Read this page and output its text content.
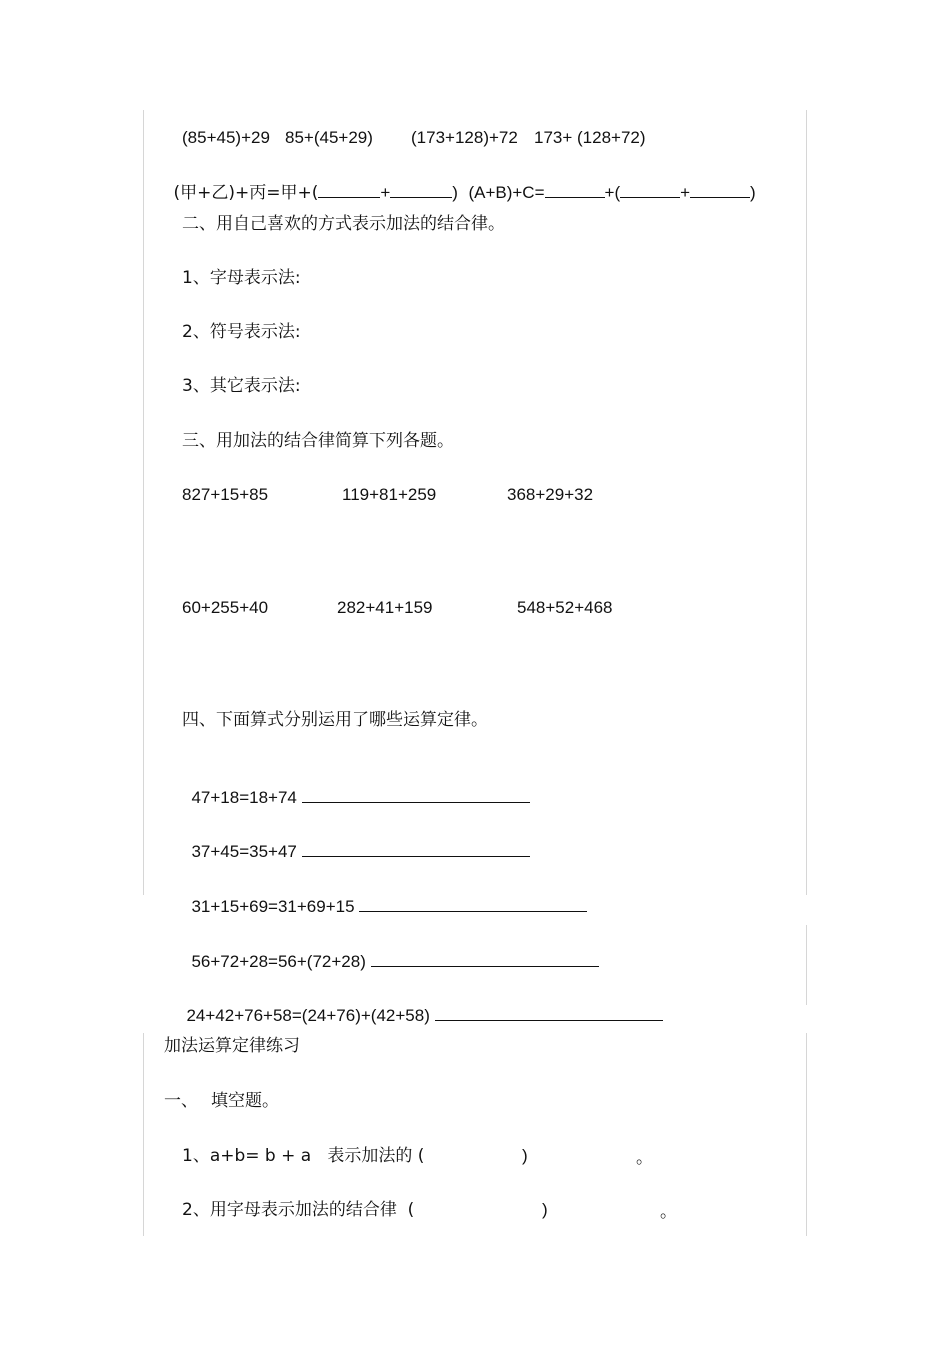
(85+45)+29 85+(45+29) (173+128)+72 173+ (128+72)

(甲+乙)+丙=甲+(	+	) (A+B)+C=	+(	+	)

二、用自己喜欢的方式表示加法的结合律。
1、字母表示法:
2、符号表示法:
3、其它表示法:
三、用加法的结合律简算下列各题。
827+15+85	119+81+259	368+29+32
60+255+40	282+41+159	548+52+468
四、下面算式分别运用了哪些运算定律。

47+18=18+74

37+45=35+47

31+15+69=31+69+15

56+72+28=56+(72+28)

24+42+76+58=(24+76)+(42+58)

加法运算定律练习
一、 填空题。
1、a+b= b + a   表示加法的 (	)	。
2、用字母表示加法的结合律  (	)	。
